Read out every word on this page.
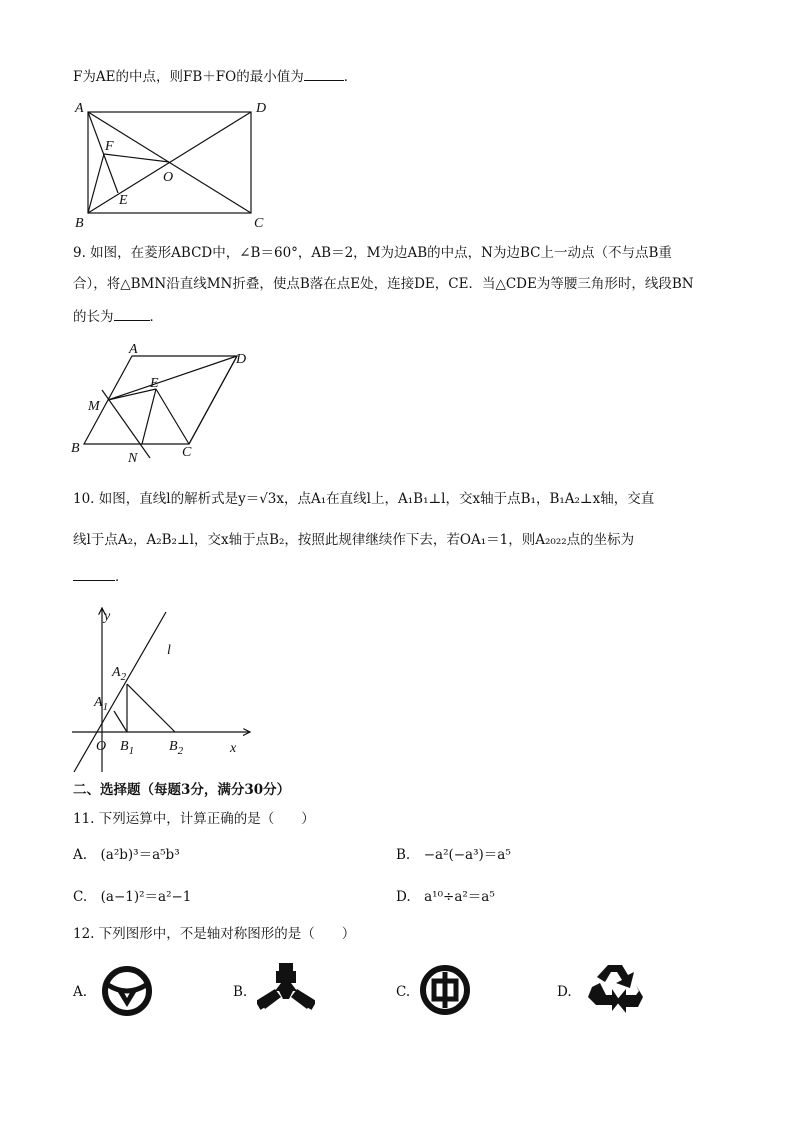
F为AE的中点，则FB＋FO的最小值为	．
A	D
B	C
F
E
O
9. 如图，在菱形ABCD中，∠B＝60°，AB＝2，M为边AB的中点，N为边BC上一动点（不与点B重
合），将△BMN沿直线MN折叠，使点B落在点E处，连接DE，CE．当△CDE为等腰三角形时，线段BN
的长为	．
A
D
E
M
B
N	C
10. 如图，直线l的解析式是y＝√3x，点A₁在直线l上，A₁B₁⊥l，交x轴于点B₁，B₁A₂⊥x轴，交直
线l于点A₂，A₂B₂⊥l，交x轴于点B₂，按照此规律继续作下去，若OA₁＝1，则A₂₀₂₂点的坐标为
．
y
x
l
O
$A_1$
$A_2$
$B_1$ $B_2$
二、选择题（每题3分，满分30分）
11. 下列运算中，计算正确的是（　　）
A.　(a²b)³＝a⁵b³	B.　−a²(−a³)＝a⁵
C.　(a−1)²＝a²−1	D.　a¹⁰÷a²＝a⁵
12. 下列图形中，不是轴对称图形的是（　　）
A.	B.	C.	D.
